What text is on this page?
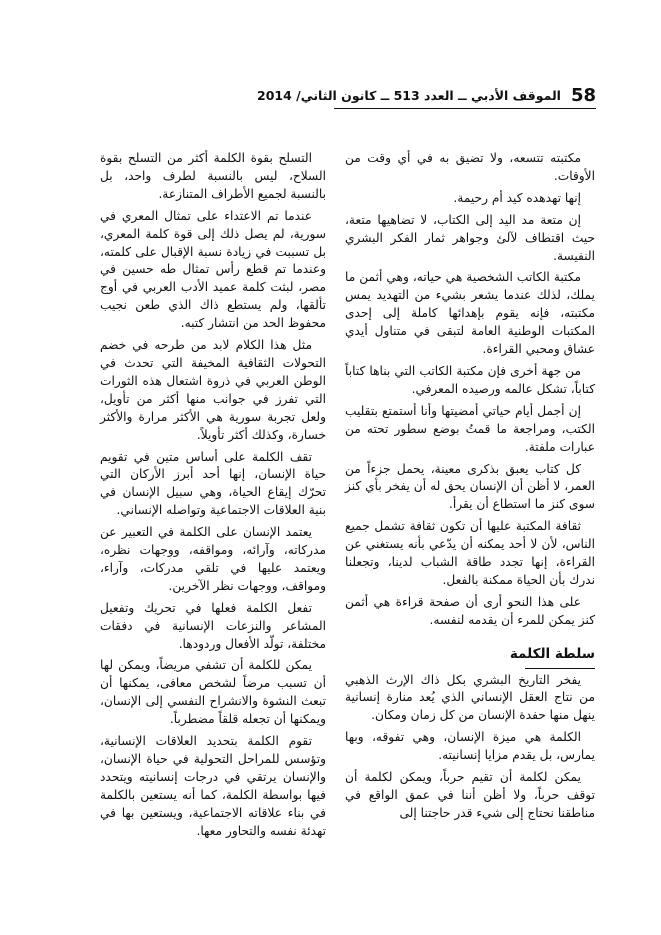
58
الموقف الأدبي ــ العدد 513 ــ كانون الثاني/ 2014

مكتبته تتسعه، ولا تضيق به في أي وقت من الأوقات.

إنها تهدهده كيد أم رحيمة.

إن متعة مد اليد إلى الكتاب، لا تضاهيها متعة، حيث اقتطاف لآلئ وجواهر ثمار الفكر البشري النفيسة.

مكتبة الكاتب الشخصية هي حياته، وهي أثمن ما يملك، لذلك عندما يشعر بشيء من التهديد يمس مكتبته، فإنه يقوم بإهدائها كاملة إلى إحدى المكتبات الوطنية العامة لتبقى في متناول أيدي عشاق ومحبي القراءة.

من جهة أخرى فإن مكتبة الكاتب التي بناها كتاباً كتاباً، تشكل عالمه ورصيده المعرفي.

إن أجمل أيام حياتي أمضيتها وأنا أستمتع بتقليب الكتب، ومراجعة ما قمتُ بوضع سطور تحته من عبارات ملفتة.

كل كتاب يعبق بذكرى معينة، يحمل جزءاً من العمر، لا أظن أن الإنسان يحق له أن يفخر بأي كنز سوى كنز ما استطاع أن يقرأ.

ثقافة المكتبة عليها أن تكون ثقافة تشمل جميع الناس، لأن لا أحد يمكنه أن يدّعي بأنه يستغني عن القراءة، إنها تجدد طاقة الشباب لدينا، وتجعلنا ندرك بأن الحياة ممكنة بالفعل.

على هذا النحو أرى أن صفحة قراءة هي أثمن كنز يمكن للمرء أن يقدمه لنفسه.

سلطة الكلمة

يفخر التاريخ البشري بكل ذاك الإرث الذهبي من نتاج العقل الإنساني الذي يُعد منارة إنسانية ينهل منها حفدة الإنسان من كل زمان ومكان.

الكلمة هي ميزة الإنسان، وهي تفوقه، وبها يمارس، بل يقدم مزايا إنسانيته.

يمكن لكلمة أن تقيم حرباً، ويمكن لكلمة أن توقف حرباً، ولا أظن أننا في عمق الواقع في مناطقنا نحتاج إلى شيء قدر حاجتنا إلى

التسلح بقوة الكلمة أكثر من التسلح بقوة السلاح، ليس بالنسبة لطرف واحد، بل بالنسبة لجميع الأطراف المتنازعة.

عندما تم الاعتداء على تمثال المعري في سورية، لم يصل ذلك إلى قوة كلمة المعري، بل تسببت في زيادة نسبة الإقبال على كلمته، وعندما تم قطع رأس تمثال طه حسين في مصر، لبثت كلمة عميد الأدب العربي في أوج تألقها، ولم يستطع ذاك الذي طعن نجيب محفوظ الحد من انتشار كتبه.

مثل هذا الكلام لابد من طرحه في خضم التحولات الثقافية المخيفة التي تحدث في الوطن العربي في ذروة اشتعال هذه الثورات التي تفرز في جوانب منها أكثر من تأويل، ولعل تجربة سورية هي الأكثر مرارة والأكثر خسارة، وكذلك أكثر تأويلاً.

تقف الكلمة على أساس متين في تقويم حياة الإنسان، إنها أحد أبرز الأركان التي تحرّك إيقاع الحياة، وهي سبيل الإنسان في بنية العلاقات الاجتماعية وتواصله الإنساني.

يعتمد الإنسان على الكلمة في التعبير عن مدركاته، وآرائه، ومواقفه، ووجهات نظره، ويعتمد عليها في تلقي مدركات، وآراء، ومواقف، ووجهات نظر الآخرين.

تفعل الكلمة فعلها في تحريك وتفعيل المشاعر والنزعات الإنسانية في دفقات مختلفة، تولّد الأفعال وردودها.

يمكن للكلمة أن تشفي مريضاً، ويمكن لها أن تسبب مرضاً لشخص معافى، يمكنها أن تبعث النشوة والانشراح النفسي إلى الإنسان، ويمكنها أن تجعله قلقاً مضطرباً.

تقوم الكلمة بتحديد العلاقات الإنسانية، وتؤسس للمراحل التحولية في حياة الإنسان، والإنسان يرتقي في درجات إنسانيته ويتحدد فيها بواسطة الكلمة، كما أنه يستعين بالكلمة في بناء علاقاته الاجتماعية، ويستعين بها في تهدئة نفسه والتحاور معها.
